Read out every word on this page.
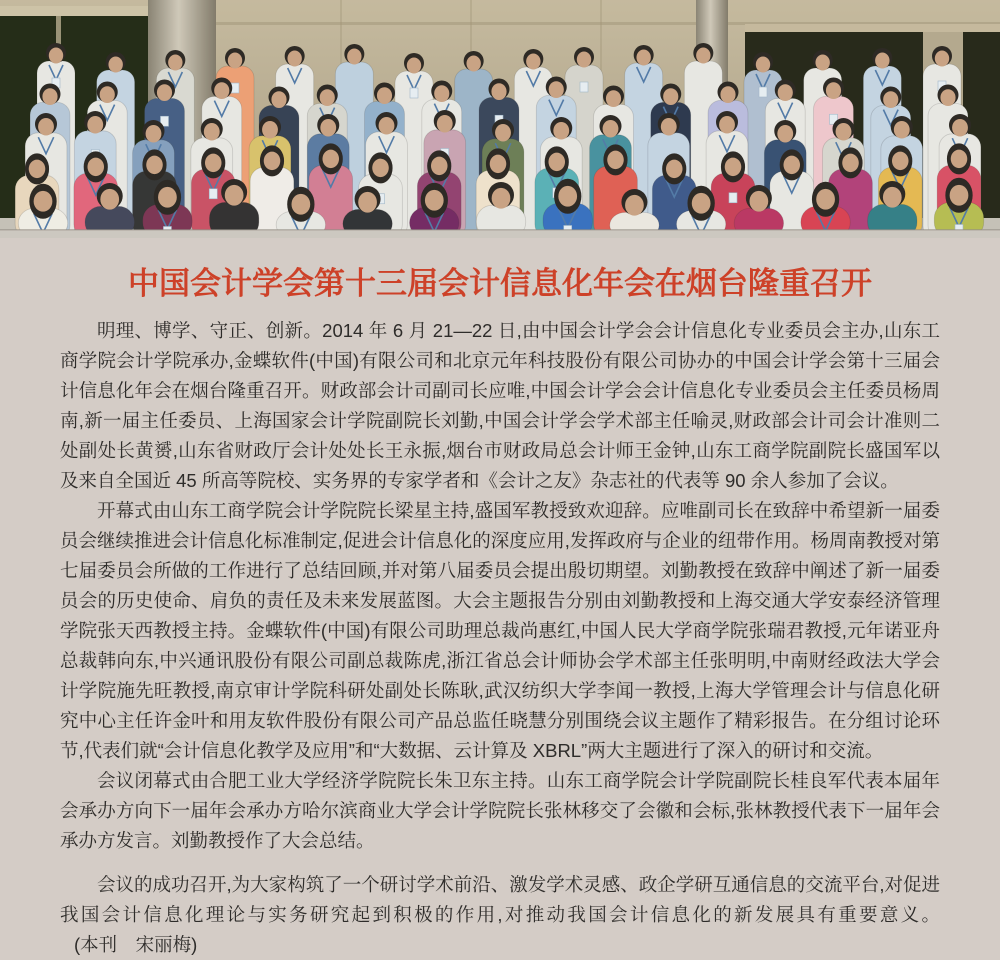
中国会计学会第十三届会计信息化年会在烟台隆重召开

明理、博学、守正、创新。2014 年 6 月 21—22 日,由中国会计学会会计信息化专业委员会主办,山东工商学院会计学院承办,金蝶软件(中国)有限公司和北京元年科技股份有限公司协办的中国会计学会第十三届会计信息化年会在烟台隆重召开。财政部会计司副司长应唯,中国会计学会会计信息化专业委员会主任委员杨周南,新一届主任委员、上海国家会计学院副院长刘勤,中国会计学会学术部主任喻灵,财政部会计司会计准则二处副处长黄赟,山东省财政厅会计处处长王永振,烟台市财政局总会计师王金钟,山东工商学院副院长盛国军以及来自全国近 45 所高等院校、实务界的专家学者和《会计之友》杂志社的代表等 90 余人参加了会议。

开幕式由山东工商学院会计学院院长梁星主持,盛国军教授致欢迎辞。应唯副司长在致辞中希望新一届委员会继续推进会计信息化标准制定,促进会计信息化的深度应用,发挥政府与企业的纽带作用。杨周南教授对第七届委员会所做的工作进行了总结回顾,并对第八届委员会提出殷切期望。刘勤教授在致辞中阐述了新一届委员会的历史使命、肩负的责任及未来发展蓝图。大会主题报告分别由刘勤教授和上海交通大学安泰经济管理学院张天西教授主持。金蝶软件(中国)有限公司助理总裁尚惠红,中国人民大学商学院张瑞君教授,元年诺亚舟总裁韩向东,中兴通讯股份有限公司副总裁陈虎,浙江省总会计师协会学术部主任张明明,中南财经政法大学会计学院施先旺教授,南京审计学院科研处副处长陈耿,武汉纺织大学李闻一教授,上海大学管理会计与信息化研究中心主任许金叶和用友软件股份有限公司产品总监任晓慧分别围绕会议主题作了精彩报告。在分组讨论环节,代表们就“会计信息化教学及应用”和“大数据、云计算及 XBRL”两大主题进行了深入的研讨和交流。

会议闭幕式由合肥工业大学经济学院院长朱卫东主持。山东工商学院会计学院副院长桂良军代表本届年会承办方向下一届年会承办方哈尔滨商业大学会计学院院长张林移交了会徽和会标,张林教授代表下一届年会承办方发言。刘勤教授作了大会总结。

会议的成功召开,为大家构筑了一个研讨学术前沿、激发学术灵感、政企学研互通信息的交流平台,对促进我国会计信息化理论与实务研究起到积极的作用,对推动我国会计信息化的新发展具有重要意义。(本刊　宋丽梅)
